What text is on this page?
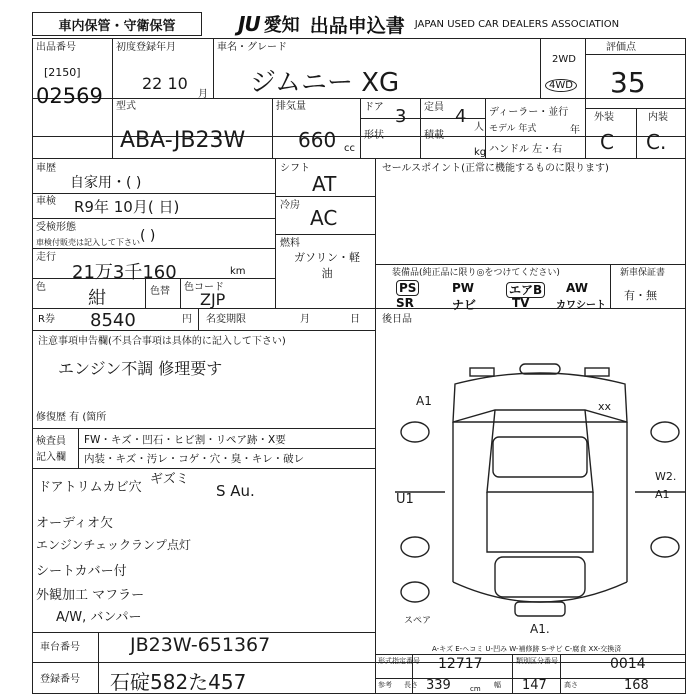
車内保管・守衛保管	JU 愛知 出品申込書 JAPAN USED CAR DEALERS ASSOCIATION
出品番号
[2150]
02569
初度登録年月
22 10
月
車名・グレード
ジムニー XG
2WD
4WD
評価点
35
外装	内装
C C.
型式
ABA-JB23W
排気量
660 cc
ドア 3 定員 4
人
形状	積載
kg
ディーラー・並行
モデル 年式	年
ハンドル 左・右
車歴
自家用・( )
車検 R9年 10月( 日)
受検形態
車検付販売は記入して下さい ( )
走行
21万3千160	km
色
紺	色替 色コード
ZJP
シフト
AT
冷房
AC
燃料
ガソリン・軽油
セールスポイント(正常に機能するものに限ります)
装備品(純正品に限り◎をつけてください)
PS	PW	エアB AW
SR	ナビ	TV	カワシート
新車保証書
有・無
R券 8540	円 名変期限	月	日 後日品
注意事項申告欄(不具合事項は具体的に記入して下さい)
エンジン不調 修理要す
修復歴 有 (箇所
検査員
記入欄
FW・キズ・凹石・ヒビ割・リペア跡・X要
内装・キズ・汚レ・コゲ・穴・臭・キレ・破レ
ドアトリムカビ穴
ギズミ
S Au.
オーディオ欠
エンジンチェックランプ点灯
シートカバー付
外観加工 マフラー
A/W, バンパー
A1	xx
U1
W2.
A1
A1.
スペア
A-キズ E-ヘコミ U-凹み W-補修跡 S-サビ C-腐食 XX-交換済
車台番号	JB23W-651367
登録番号 石碇582た457
形式指定番号 12717	類別区分番号	0014
参考 長さ 339	cm 幅 147 高さ	168
